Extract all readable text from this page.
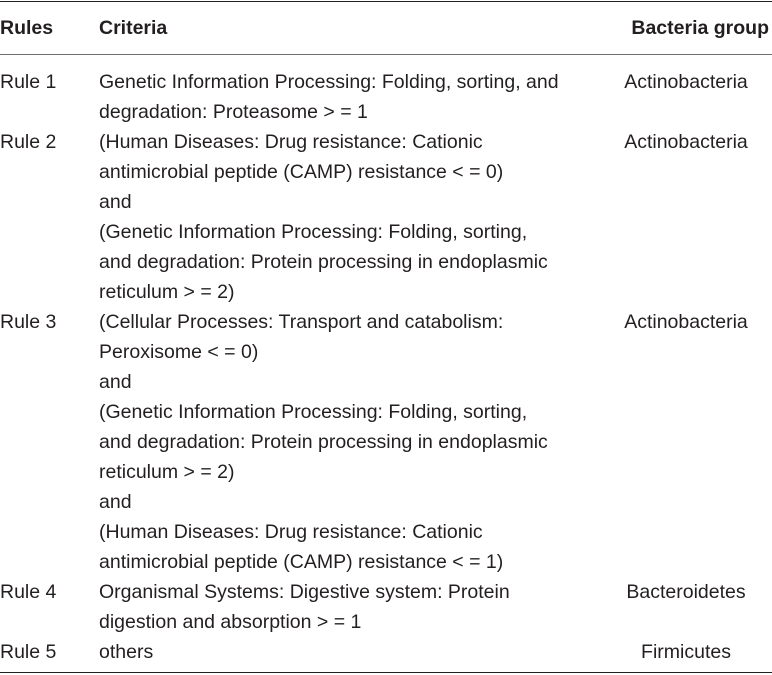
Rules Criteria	Bacteria group
Rule 1 Genetic Information Processing: Folding, sorting, and
degradation: Proteasome > = 1
Actinobacteria
Rule 2 (Human Diseases: Drug resistance: Cationic
antimicrobial peptide (CAMP) resistance < = 0)
and
(Genetic Information Processing: Folding, sorting,
and degradation: Protein processing in endoplasmic
reticulum > = 2)
Actinobacteria
Rule 3 (Cellular Processes: Transport and catabolism:
Peroxisome < = 0)
and
(Genetic Information Processing: Folding, sorting,
and degradation: Protein processing in endoplasmic
reticulum > = 2)
and
(Human Diseases: Drug resistance: Cationic
antimicrobial peptide (CAMP) resistance < = 1)
Actinobacteria
Rule 4 Organismal Systems: Digestive system: Protein
digestion and absorption > = 1
Bacteroidetes
Rule 5 others	Firmicutes
